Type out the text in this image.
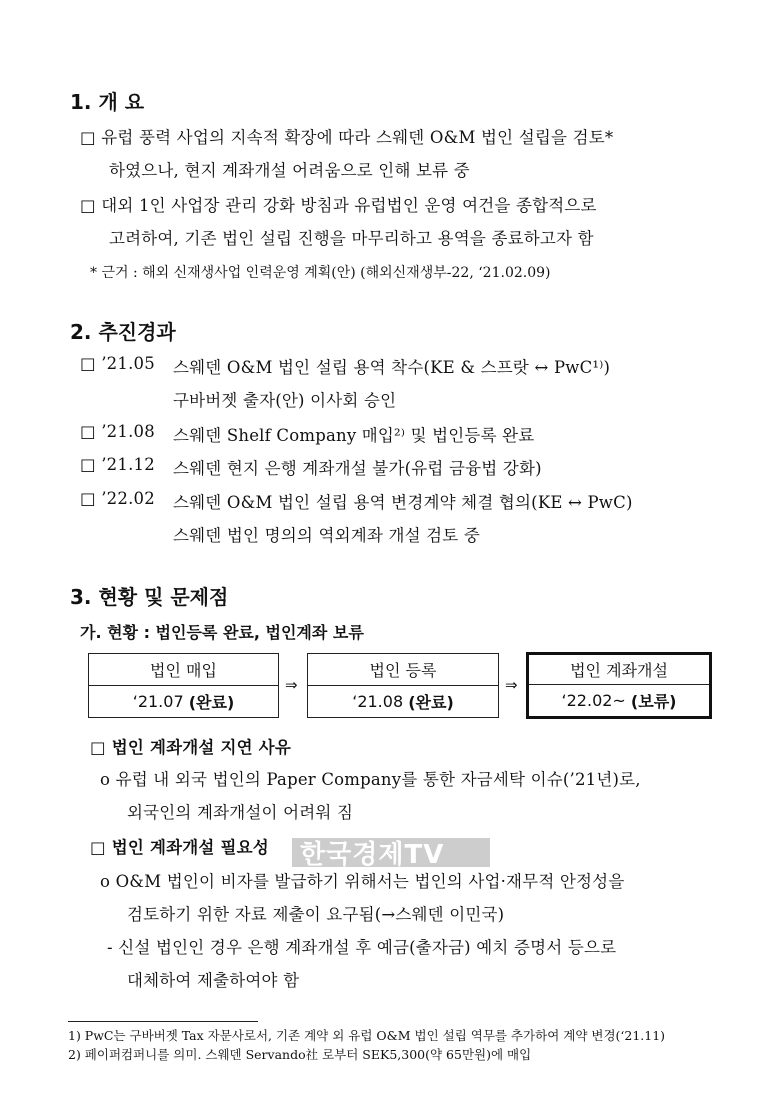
1. 개 요
□ 유럽 풍력 사업의 지속적 확장에 따라 스웨덴 O&M 법인 설립을 검토*
하였으나, 현지 계좌개설 어려움으로 인해 보류 중
□ 대외 1인 사업장 관리 강화 방침과 유럽법인 운영 여건을 종합적으로
고려하여, 기존 법인 설립 진행을 마무리하고 용역을 종료하고자 함
* 근거 : 해외 신재생사업 인력운영 계획(안) (해외신재생부-22, ‘21.02.09)
2. 추진경과
□ ’21.05 스웨덴 O&M 법인 설립 용역 착수(KE & 스프랏 ↔ PwC¹⁾)
구바버젯 출자(안) 이사회 승인
□ ’21.08 스웨덴 Shelf Company 매입²⁾ 및 법인등록 완료
□ ’21.12 스웨덴 현지 은행 계좌개설 불가(유럽 금융법 강화)
□ ’22.02 스웨덴 O&M 법인 설립 용역 변경계약 체결 협의(KE ↔ PwC)
스웨덴 법인 명의의 역외계좌 개설 검토 중
3. 현황 및 문제점
가. 현황 : 법인등록 완료, 법인계좌 보류
법인 매입
‘21.07
(완료)
⇒
법인 등록
‘21.08
(완료)
⇒
법인 계좌개설
‘22.02~
(보류)
□ 법인 계좌개설 지연 사유
o 유럽 내 외국 법인의 Paper Company를 통한 자금세탁 이슈(’21년)로,
외국인의 계좌개설이 어려워 짐
□ 법인 계좌개설 필요성 한국경제TV
o O&M 법인이 비자를 발급하기 위해서는 법인의 사업·재무적 안정성을
검토하기 위한 자료 제출이 요구됨(→스웨덴 이민국)
- 신설 법인인 경우 은행 계좌개설 후 예금(출자금) 예치 증명서 등으로
대체하여 제출하여야 함
1) PwC는 구바버젯 Tax 자문사로서, 기존 계약 외 유럽 O&M 법인 설립 역무를 추가하여 계약 변경(‘21.11)
2) 페이퍼컴퍼니를 의미. 스웨덴 Servando社 로부터 SEK5,300(약 65만원)에 매입
